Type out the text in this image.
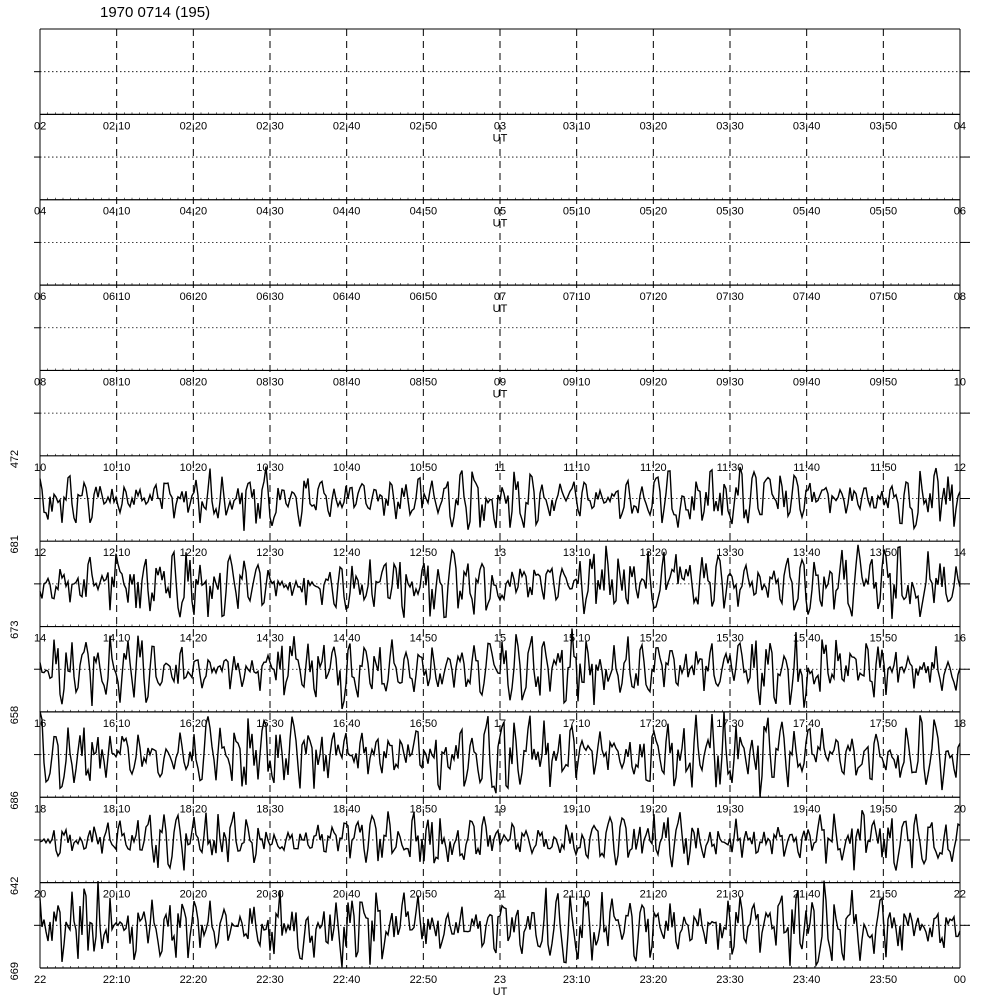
1970 0714 (195)
472
681
673
658
686
642
669
02	02:10	02:20	02:30	02:40	02:50	03	03:10	03:20	03:30	03:40	03:50	04
UT
04	04:10	04:20	04:30	04:40	04:50	05	05:10	05:20	05:30	05:40	05:50	06
UT
06	06:10	06:20	06:30	06:40	06:50	07	07:10	07:20	07:30	07:40	07:50	08
UT
08	08:10	08:20	08:30	08:40	08:50	09	09:10	09:20	09:30	09:40	09:50	10
UT
10	10:10	10:20	10:30	10:40	10:50	11	11:10	11:20	11:30	11:40	11:50	12
12	12:10	12:20	12:30	12:40	12:50	13	13:10	13:20	13:30	13:40	13:50	14
14	14:10	14:20	14:30	14:40	14:50	15	15:10	15:20	15:30	15:40	15:50	16
16	16:10	16:20	16:30	16:40	16:50	17	17:10	17:20	17:30	17:40	17:50	18
18	18:10	18:20	18:30	18:40	18:50	19	19:10	19:20	19:30	19:40	19:50	20
20	20:10	20:20	20:30	20:40	20:50	21	21:10	21:20	21:30	21:40	21:50	22
22	22:10	22:20	22:30	22:40	22:50	23	23:10	23:20	23:30	23:40	23:50	00
UT
